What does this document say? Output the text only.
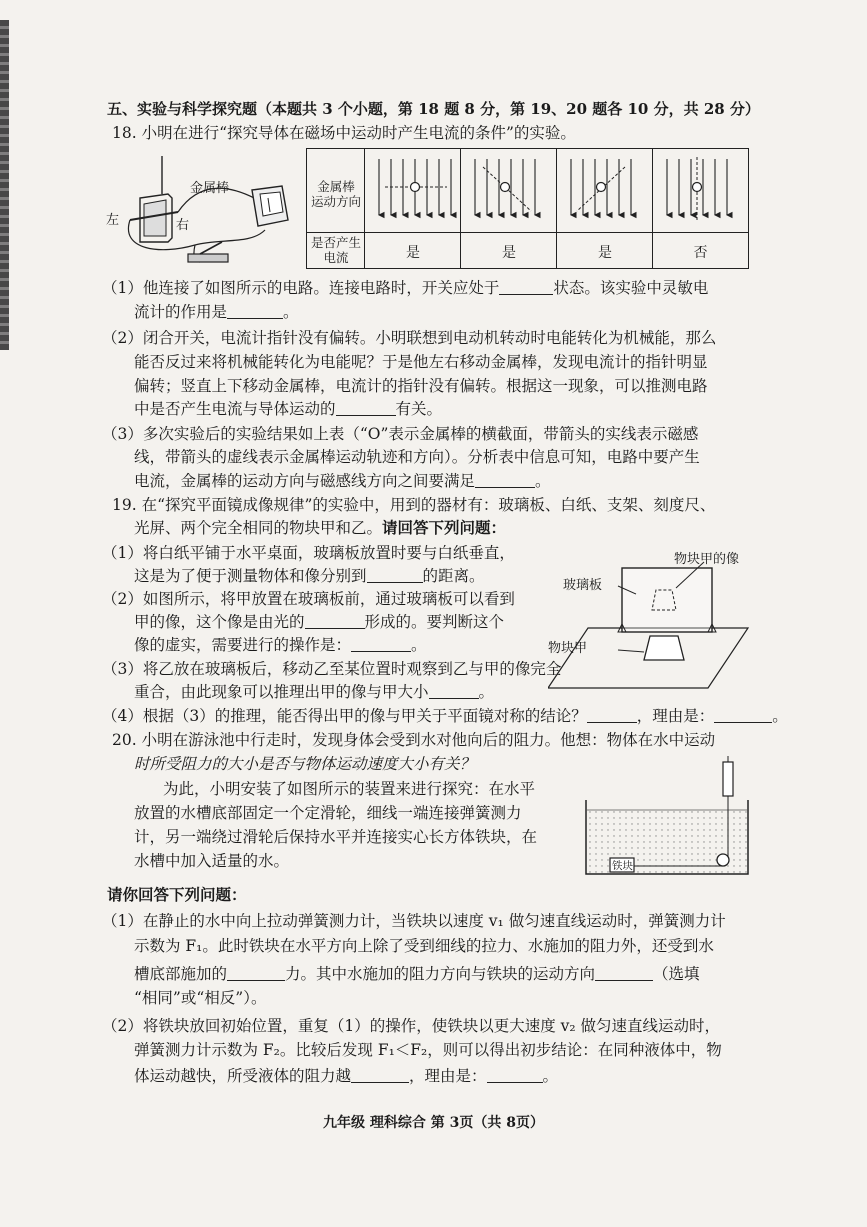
五、实验与科学探究题（本题共 3 个小题，第 18 题 8 分，第 19、20 题各 10 分，共 28 分）
18. 小明在进行“探究导体在磁场中运动时产生电流的条件”的实验。
金属棒
左	右
金属棒
运动方向
是否产生
电流	是	是	是	否
（1）他连接了如图所示的电路。连接电路时，开关应处于	状态。该实验中灵敏电
流计的作用是	。
（2）闭合开关，电流计指针没有偏转。小明联想到电动机转动时电能转化为机械能，那么
能否反过来将机械能转化为电能呢？于是他左右移动金属棒，发现电流计的指针明显
偏转；竖直上下移动金属棒，电流计的指针没有偏转。根据这一现象，可以推测电路
中是否产生电流与导体运动的	有关。
（3）多次实验后的实验结果如上表（“O”表示金属棒的横截面，带箭头的实线表示磁感
线，带箭头的虚线表示金属棒运动轨迹和方向）。分析表中信息可知，电路中要产生
电流，金属棒的运动方向与磁感线方向之间要满足	。
19. 在“探究平面镜成像规律”的实验中，用到的器材有：玻璃板、白纸、支架、刻度尺、
光屏、两个完全相同的物块甲和乙。请回答下列问题：
（1）将白纸平铺于水平桌面，玻璃板放置时要与白纸垂直，
这是为了便于测量物体和像分别到	的距离。
（2）如图所示，将甲放置在玻璃板前，通过玻璃板可以看到
甲的像，这个像是由光的	形成的。要判断这个
像的虚实，需要进行的操作是：	。
（3）将乙放在玻璃板后，移动乙至某位置时观察到乙与甲的像完全
重合，由此现象可以推理出甲的像与甲大小	。
（4）根据（3）的推理，能否得出甲的像与甲关于平面镜对称的结论？	，理由是：	。
物块甲的像
玻璃板
物块甲
20. 小明在游泳池中行走时，发现身体会受到水对他向后的阻力。他想：物体在水中运动
时所受阻力的大小是否与物体运动速度大小有关？
为此，小明安装了如图所示的装置来进行探究：在水平
放置的水槽底部固定一个定滑轮，细线一端连接弹簧测力
计，另一端绕过滑轮后保持水平并连接实心长方体铁块，在
水槽中加入适量的水。	铁块
请你回答下列问题：
（1）在静止的水中向上拉动弹簧测力计，当铁块以速度 v₁ 做匀速直线运动时，弹簧测力计
示数为 F₁。此时铁块在水平方向上除了受到细线的拉力、水施加的阻力外，还受到水
槽底部施加的	力。其中水施加的阻力方向与铁块的运动方向	（选填
“相同”或“相反”）。
（2）将铁块放回初始位置，重复（1）的操作，使铁块以更大速度 v₂ 做匀速直线运动时，
弹簧测力计示数为 F₂。比较后发现 F₁＜F₂，则可以得出初步结论：在同种液体中，物
体运动越快，所受液体的阻力越	，理由是：	。
九年级 理科综合 第 3页（共 8页）
